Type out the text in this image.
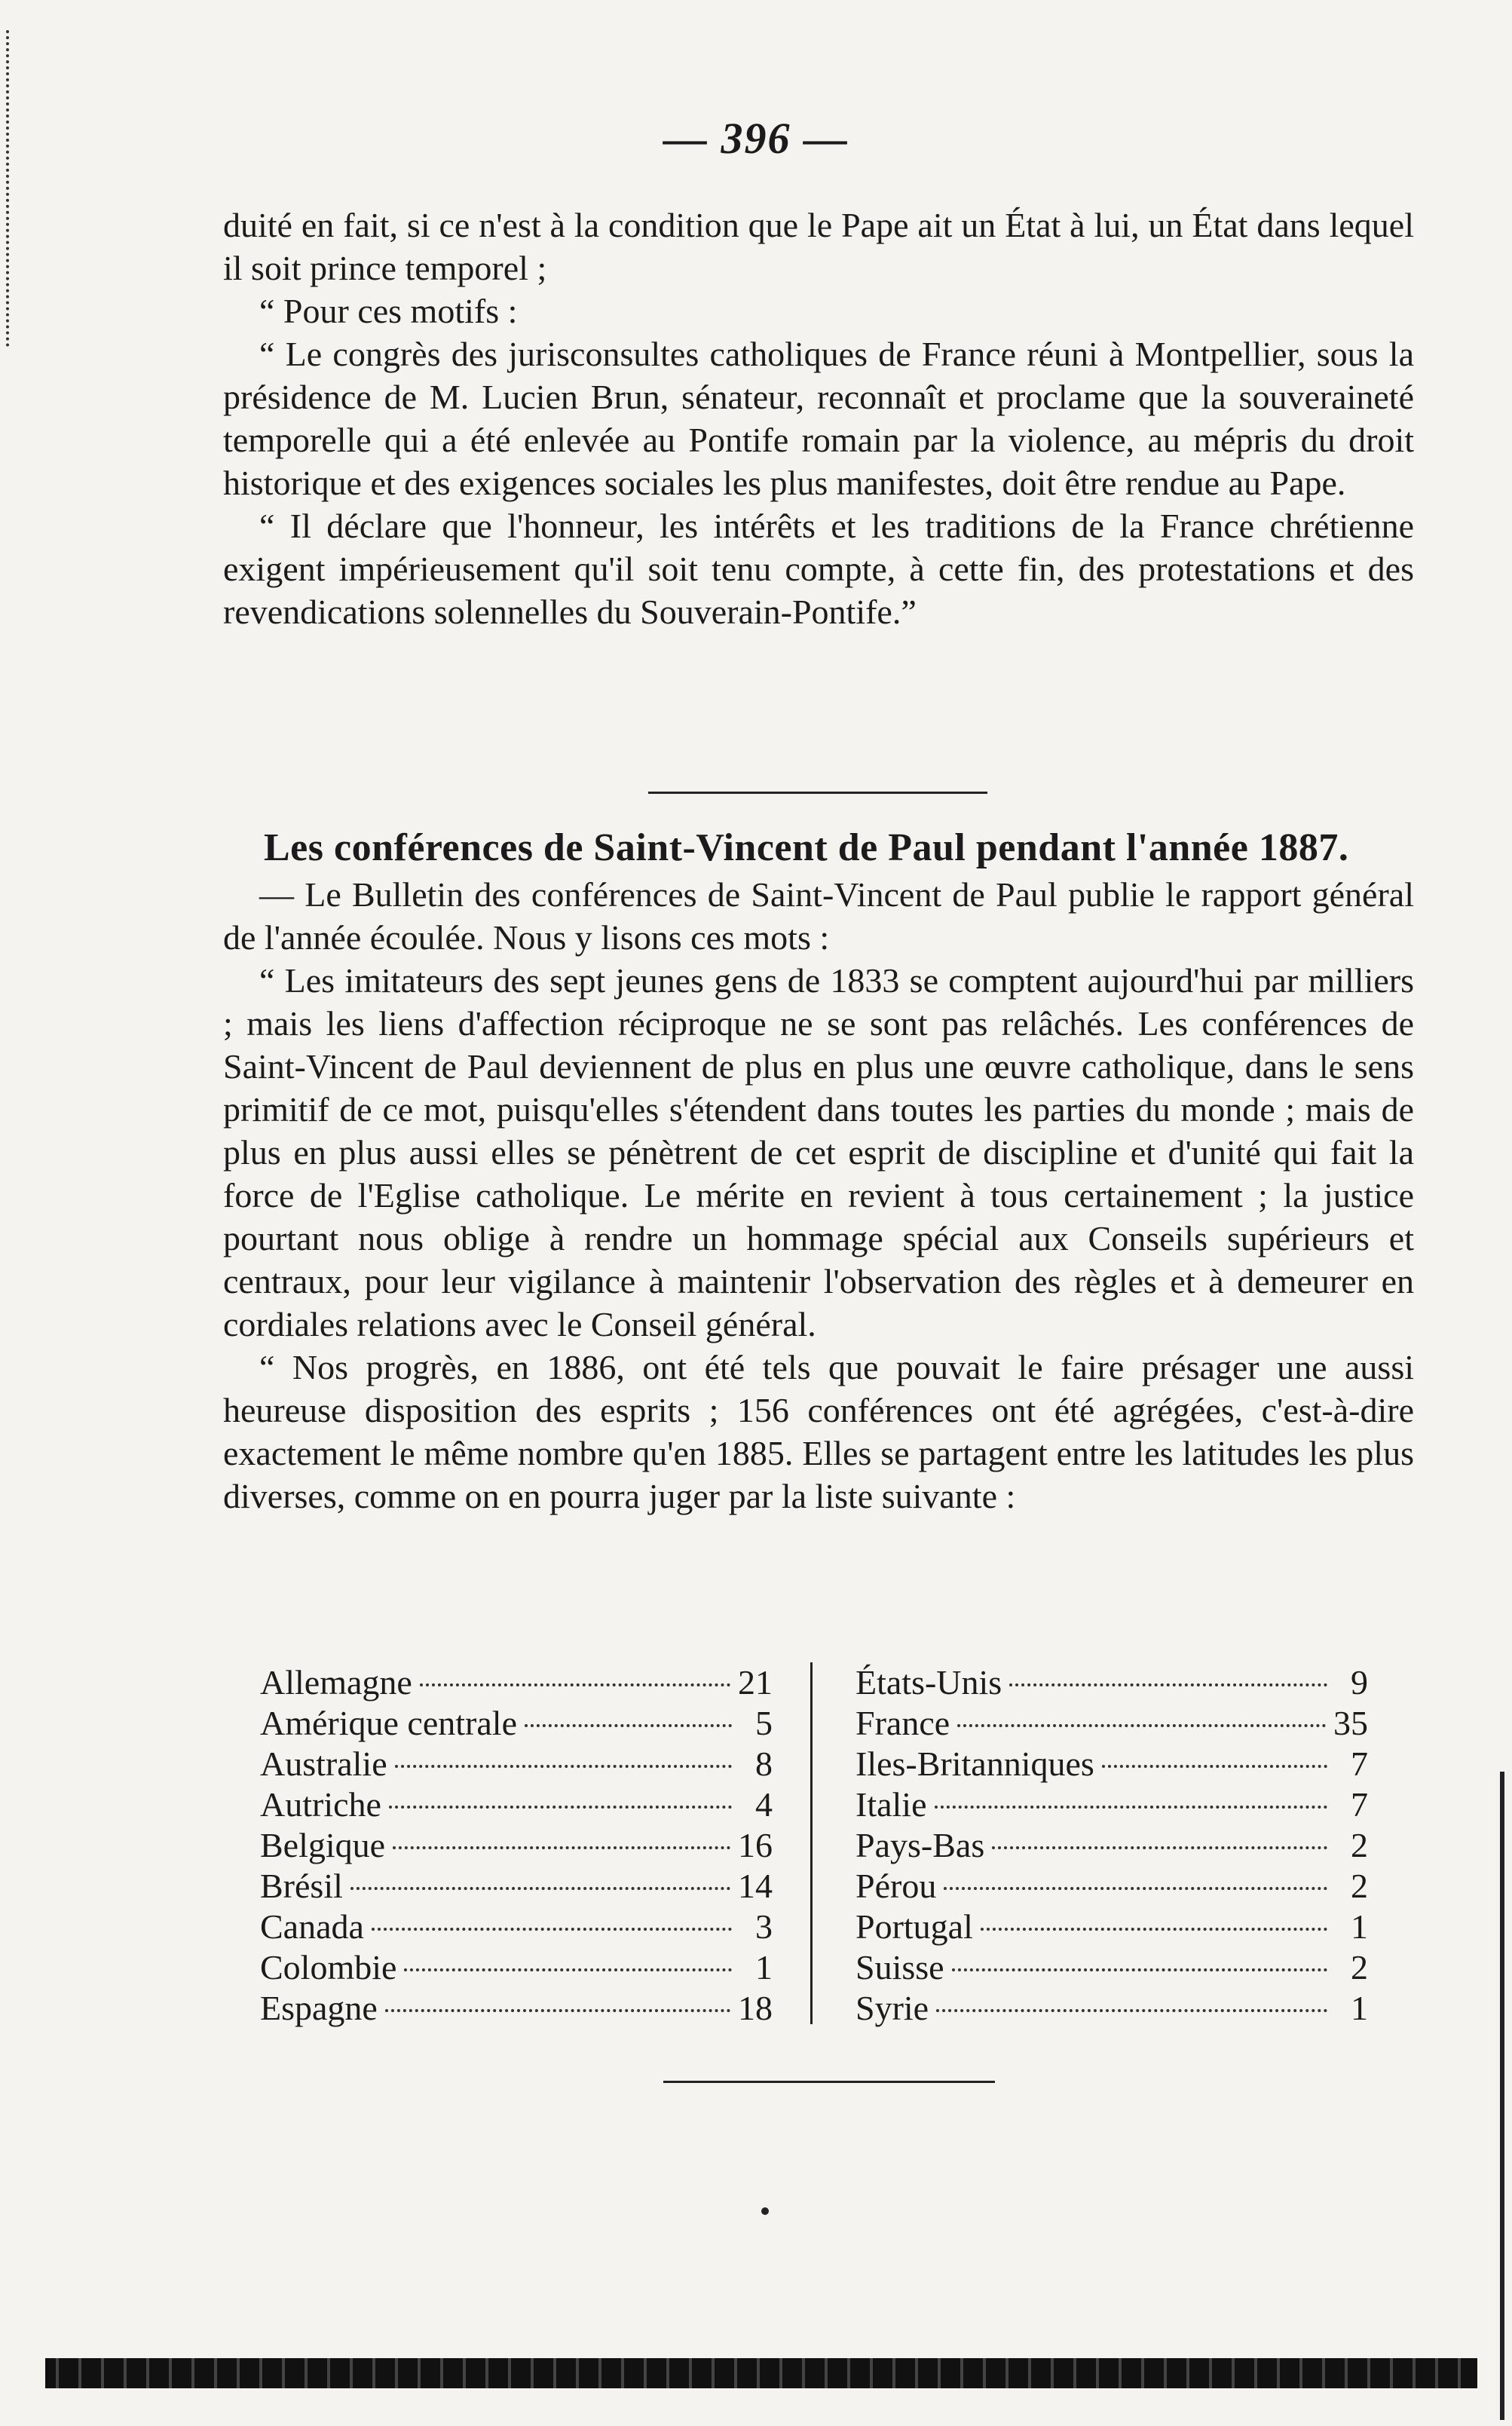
— 396 —

duité en fait, si ce n'est à la condition que le Pape ait un État à lui, un État dans lequel il soit prince temporel ;

“ Pour ces motifs :

“ Le congrès des jurisconsultes catholiques de France réuni à Montpellier, sous la présidence de M. Lucien Brun, sénateur, reconnaît et proclame que la souveraineté temporelle qui a été enlevée au Pontife romain par la violence, au mépris du droit historique et des exigences sociales les plus manifestes, doit être rendue au Pape.

“ Il déclare que l'honneur, les intérêts et les traditions de la France chrétienne exigent impérieusement qu'il soit tenu compte, à cette fin, des protestations et des revendications solennelles du Souverain-Pontife.”

Les conférences de Saint-Vincent de Paul pendant l'année 1887.

— Le Bulletin des conférences de Saint-Vincent de Paul publie le rapport général de l'année écoulée. Nous y lisons ces mots :

“ Les imitateurs des sept jeunes gens de 1833 se comptent aujourd'hui par milliers ; mais les liens d'affection réciproque ne se sont pas relâchés. Les conférences de Saint-Vincent de Paul deviennent de plus en plus une œuvre catholique, dans le sens primitif de ce mot, puisqu'elles s'étendent dans toutes les parties du monde ; mais de plus en plus aussi elles se pénètrent de cet esprit de discipline et d'unité qui fait la force de l'Eglise catholique. Le mérite en revient à tous certainement ; la justice pourtant nous oblige à rendre un hommage spécial aux Conseils supérieurs et centraux, pour leur vigilance à maintenir l'observation des règles et à demeurer en cordiales relations avec le Conseil général.

“ Nos progrès, en 1886, ont été tels que pouvait le faire présager une aussi heureuse disposition des esprits ; 156 conférences ont été agrégées, c'est-à-dire exactement le même nombre qu'en 1885. Elles se partagent entre les latitudes les plus diverses, comme on en pourra juger par la liste suivante :

Allemagne	21
Amérique centrale	5
Australie	8
Autriche	4
Belgique	16
Brésil	14
Canada	3
Colombie	1
Espagne	18
États-Unis	9
France	35
Iles-Britanniques	7
Italie	7
Pays-Bas	2
Pérou	2
Portugal	1
Suisse	2
Syrie	1
